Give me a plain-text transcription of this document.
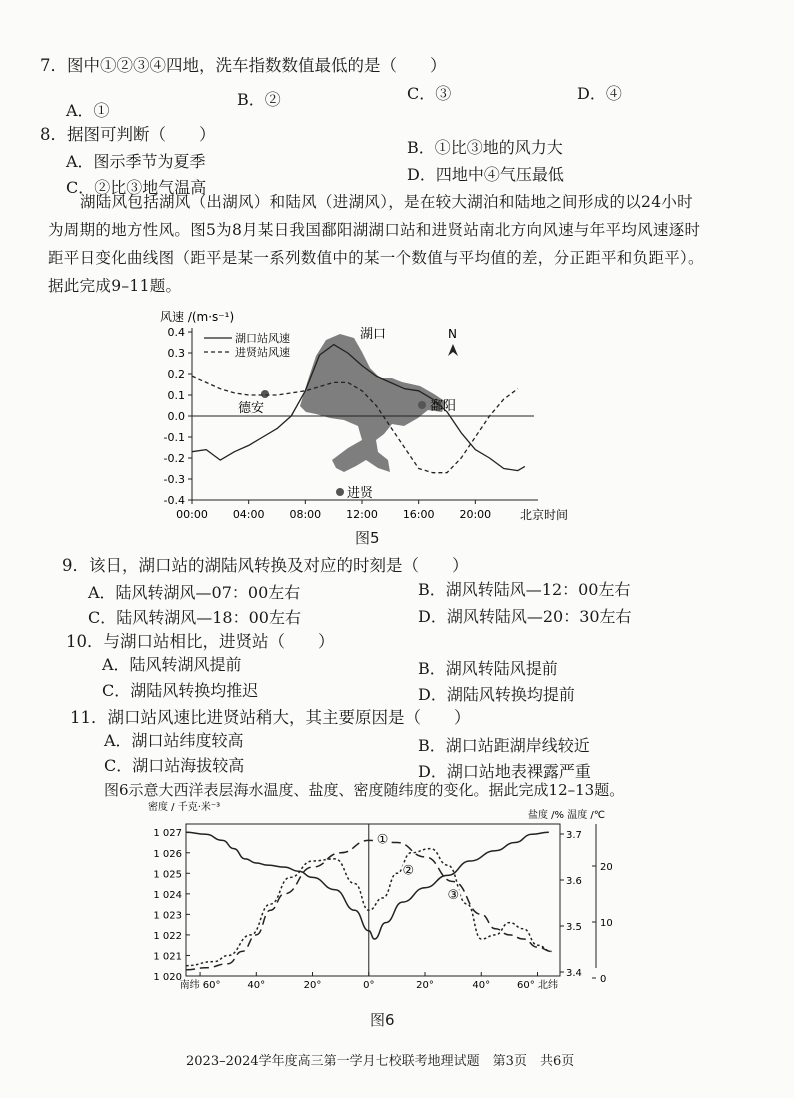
7．图中①②③④四地，洗车指数数值最低的是（　　）
A．①
B．②	C．③	D．④
8．据图可判断（　　）
A．图示季节为夏季
B．①比③地的风力大
C．②比③地气温高
D．四地中④气压最低
湖陆风包括湖风（出湖风）和陆风（进湖风），是在较大湖泊和陆地之间形成的以24小时为周期的地方性风。图5为8月某日我国鄱阳湖湖口站和进贤站南北方向风速与年平均风速逐时距平日变化曲线图（距平是某一系列数值中的某一个数值与平均值的差，分正距平和负距平）。据此完成9–11题。
湖口
德安	鄱阳
进贤
N
0.4
0.3
0.2
0.1
0.0
-0.1
-0.2
-0.3
-0.4
00:00 04:00 08:00 12:00 16:00 20:00
湖口站风速
进贤站风速
风速 /(m·s⁻¹)
北京时间
图5
9．该日，湖口站的湖陆风转换及对应的时刻是（　　）
A．陆风转湖风—07：00左右	B．湖风转陆风—12：00左右
C．陆风转湖风—18：00左右	D．湖风转陆风—20：30左右
10．与湖口站相比，进贤站（　　）
A．陆风转湖风提前	B．湖风转陆风提前
C．湖陆风转换均推迟	D．湖陆风转换均提前
11．湖口站风速比进贤站稍大，其主要原因是（　　）
A．湖口站纬度较高	B．湖口站距湖岸线较近
C．湖口站海拔较高	D．湖口站地表裸露严重
图6示意大西洋表层海水温度、盐度、密度随纬度的变化。据此完成12–13题。
1 027
1 026
1 025
1 024
1 023
1 022
1 021
1 020
3.7
3.6
3.5
3.4
20
10
0
南纬 60°	40°	20°	0°	20°	40°	60° 北纬
①
②
③
密度 / 千克·米⁻³
盐度 /% 温度 /℃
图6
2023–2024学年度高三第一学月七校联考地理试题　第3页　共6页
